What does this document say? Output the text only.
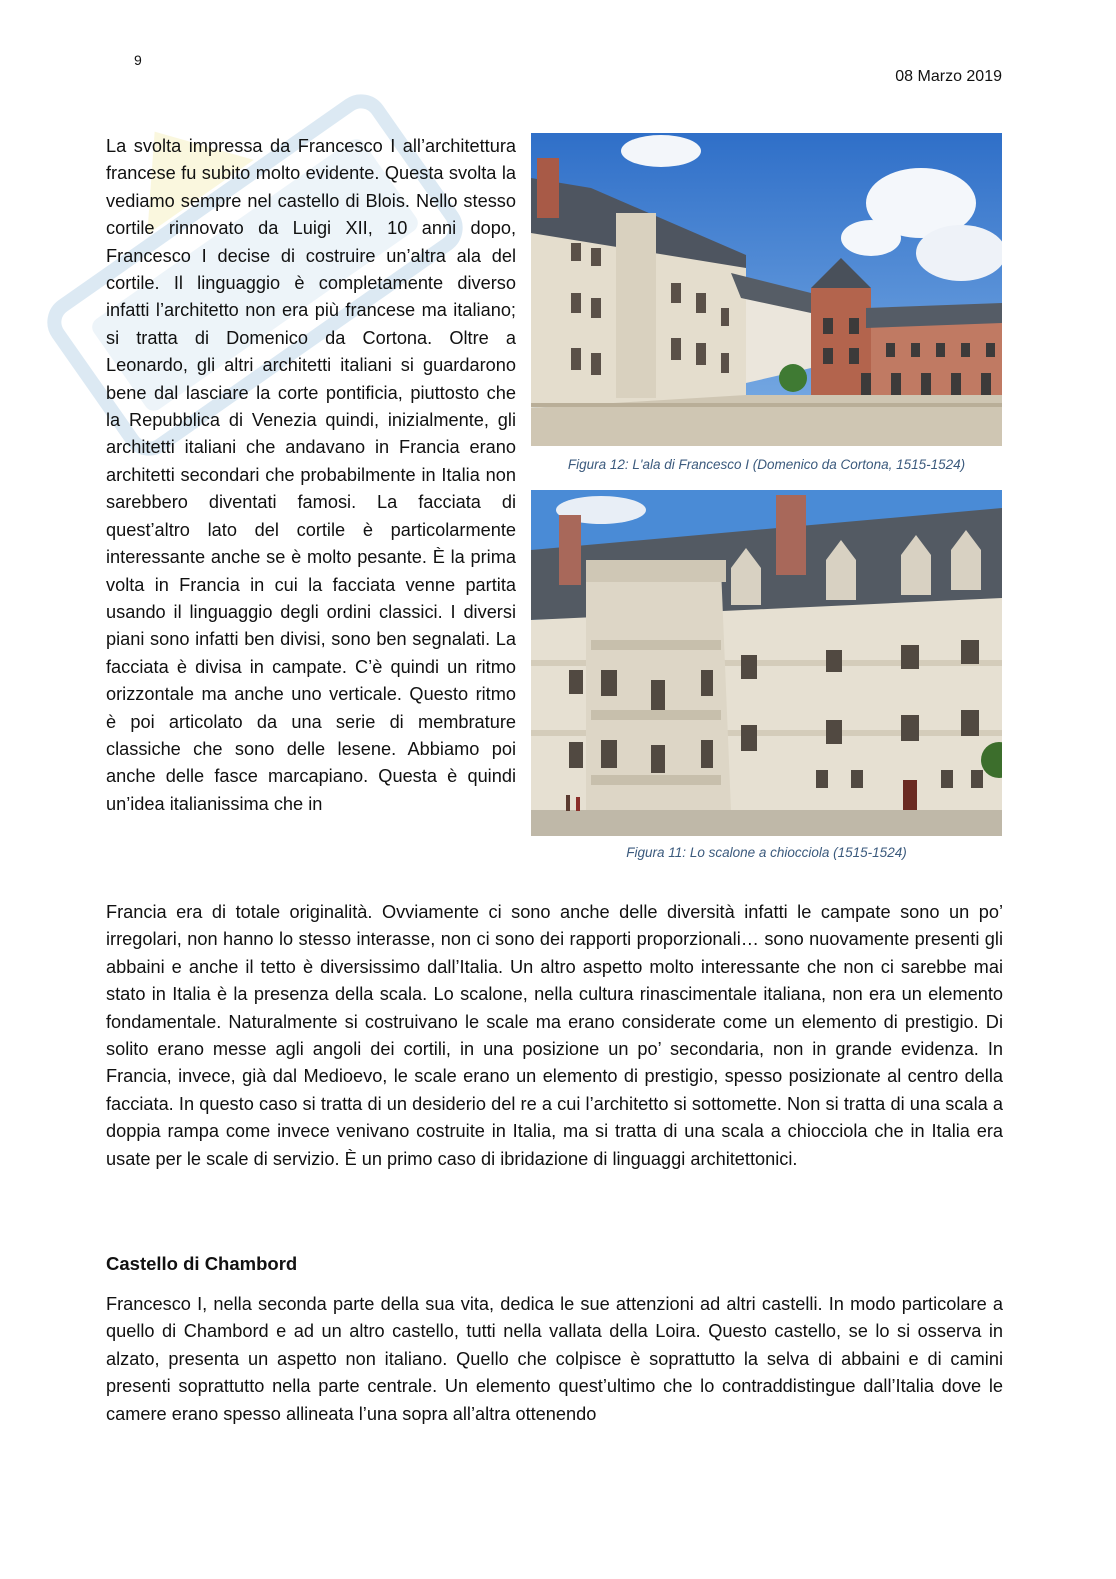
9
08 Marzo 2019

La svolta impressa da Francesco I all’architettura francese fu subito molto evidente. Questa svolta la vediamo sempre nel castello di Blois. Nello stesso cortile rinnovato da Luigi XII, 10 anni dopo, Francesco I decise di costruire un’altra ala del cortile. Il linguaggio è completamente diverso infatti l’architetto non era più francese ma italiano; si tratta di Domenico da Cortona. Oltre a Leonardo, gli altri architetti italiani si guardarono bene dal lasciare la corte pontificia, piuttosto che la Repubblica di Venezia quindi, inizialmente, gli architetti italiani che andavano in Francia erano architetti secondari che probabilmente in Italia non sarebbero diventati famosi. La facciata di quest’altro lato del cortile è particolarmente interessante anche se è molto pesante. È la prima volta in Francia in cui la facciata venne partita usando il linguaggio degli ordini classici. I diversi piani sono infatti ben divisi, sono ben segnalati. La facciata è divisa in campate. C’è quindi un ritmo orizzontale ma anche uno verticale. Questo ritmo è poi articolato da una serie di membrature classiche che sono delle lesene. Abbiamo poi anche delle fasce marcapiano. Questa è quindi un’idea italianissima che in

Figura 12: L'ala di Francesco I (Domenico da Cortona, 1515-1524)
Figura 11: Lo scalone a chiocciola (1515-1524)

Francia era di totale originalità. Ovviamente ci sono anche delle diversità infatti le campate sono un po’ irregolari, non hanno lo stesso interasse, non ci sono dei rapporti proporzionali… sono nuovamente presenti gli abbaini e anche il tetto è diversissimo dall’Italia. Un altro aspetto molto interessante che non ci sarebbe mai stato in Italia è la presenza della scala. Lo scalone, nella cultura rinascimentale italiana, non era un elemento fondamentale. Naturalmente si costruivano le scale ma erano considerate come un elemento di prestigio. Di solito erano messe agli angoli dei cortili, in una posizione un po’ secondaria, non in grande evidenza. In Francia, invece, già dal Medioevo, le scale erano un elemento di prestigio, spesso posizionate al centro della facciata. In questo caso si tratta di un desiderio del re a cui l’architetto si sottomette. Non si tratta di una scala a doppia rampa come invece venivano costruite in Italia, ma si tratta di una scala a chiocciola che in Italia era usate per le scale di servizio. È un primo caso di ibridazione di linguaggi architettonici.

Castello di Chambord

Francesco I, nella seconda parte della sua vita, dedica le sue attenzioni ad altri castelli. In modo particolare a quello di Chambord e ad un altro castello, tutti nella vallata della Loira. Questo castello, se lo si osserva in alzato, presenta un aspetto non italiano. Quello che colpisce è soprattutto la selva di abbaini e di camini presenti soprattutto nella parte centrale. Un elemento quest’ultimo che lo contraddistingue dall’Italia dove le camere erano spesso allineata l’una sopra all’altra ottenendo
